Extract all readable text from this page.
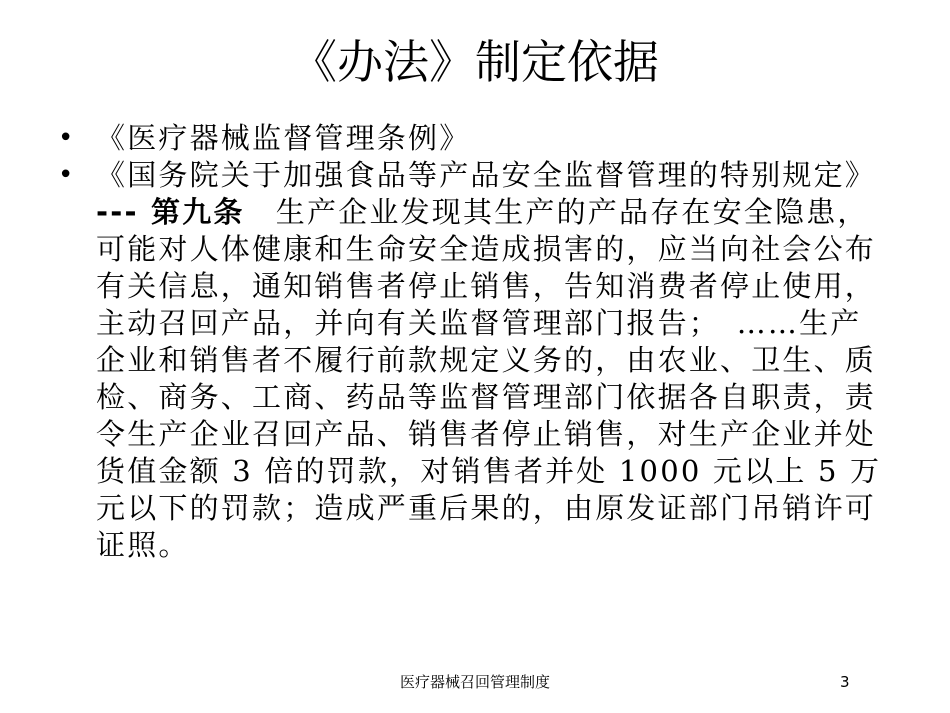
《办法》制定依据
• 《医疗器械监督管理条例》
• 《国务院关于加强食品等产品安全监督管理的特别规定》 --- 第九条　生产企业发现其生产的产品存在安全隐患，可能对人体健康和生命安全造成损害的，应当向社会公布有关信息，通知销售者停止销售，告知消费者停止使用，主动召回产品，并向有关监督管理部门报告；　……生产企业和销售者不履行前款规定义务的，由农业、卫生、质检、商务、工商、药品等监督管理部门依据各自职责，责令生产企业召回产品、销售者停止销售，对生产企业并处货值金额 3 倍的罚款，对销售者并处 1000 元以上 5 万元以下的罚款；造成严重后果的，由原发证部门吊销许可证照。
医疗器械召回管理制度	3
